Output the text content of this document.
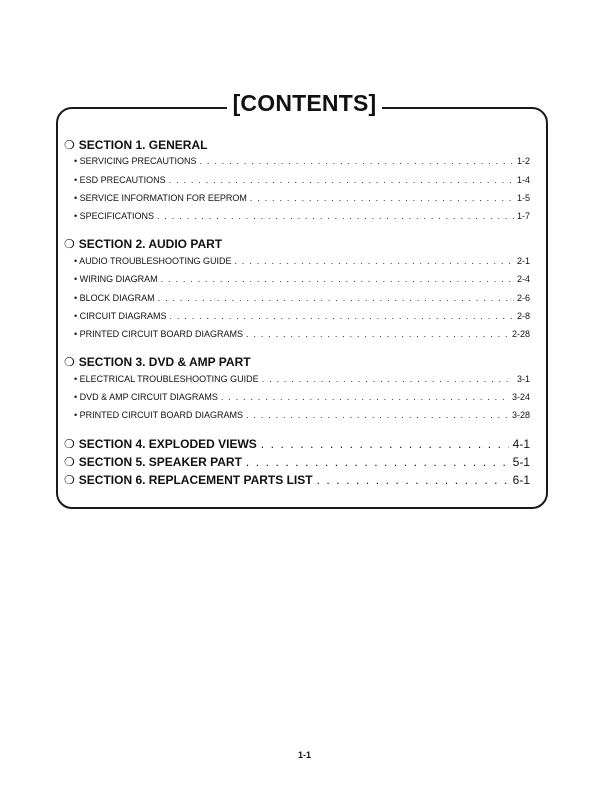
[CONTENTS]
❍ SECTION 1. GENERAL
• SERVICING PRECAUTIONS . . .	1-2
• ESD PRECAUTIONS . . .	1-4
• SERVICE INFORMATION FOR EEPROM . . .	1-5
• SPECIFICATIONS . . .	1-7
❍ SECTION 2. AUDIO PART
• AUDIO TROUBLESHOOTING GUIDE . . .	2-1
• WIRING DIAGRAM . . .	2-4
• BLOCK DIAGRAM . . .	2-6
• CIRCUIT DIAGRAMS . . .	2-8
• PRINTED CIRCUIT BOARD DIAGRAMS . . .	2-28
❍ SECTION 3. DVD & AMP PART
• ELECTRICAL TROUBLESHOOTING GUIDE . . .	3-1
• DVD & AMP CIRCUIT DIAGRAMS . . .	3-24
• PRINTED CIRCUIT BOARD DIAGRAMS . . .	3-28
❍ SECTION 4. EXPLODED VIEWS . . .	4-1
❍ SECTION 5. SPEAKER PART . . .	5-1
❍ SECTION 6. REPLACEMENT PARTS LIST . . .	6-1
1-1
